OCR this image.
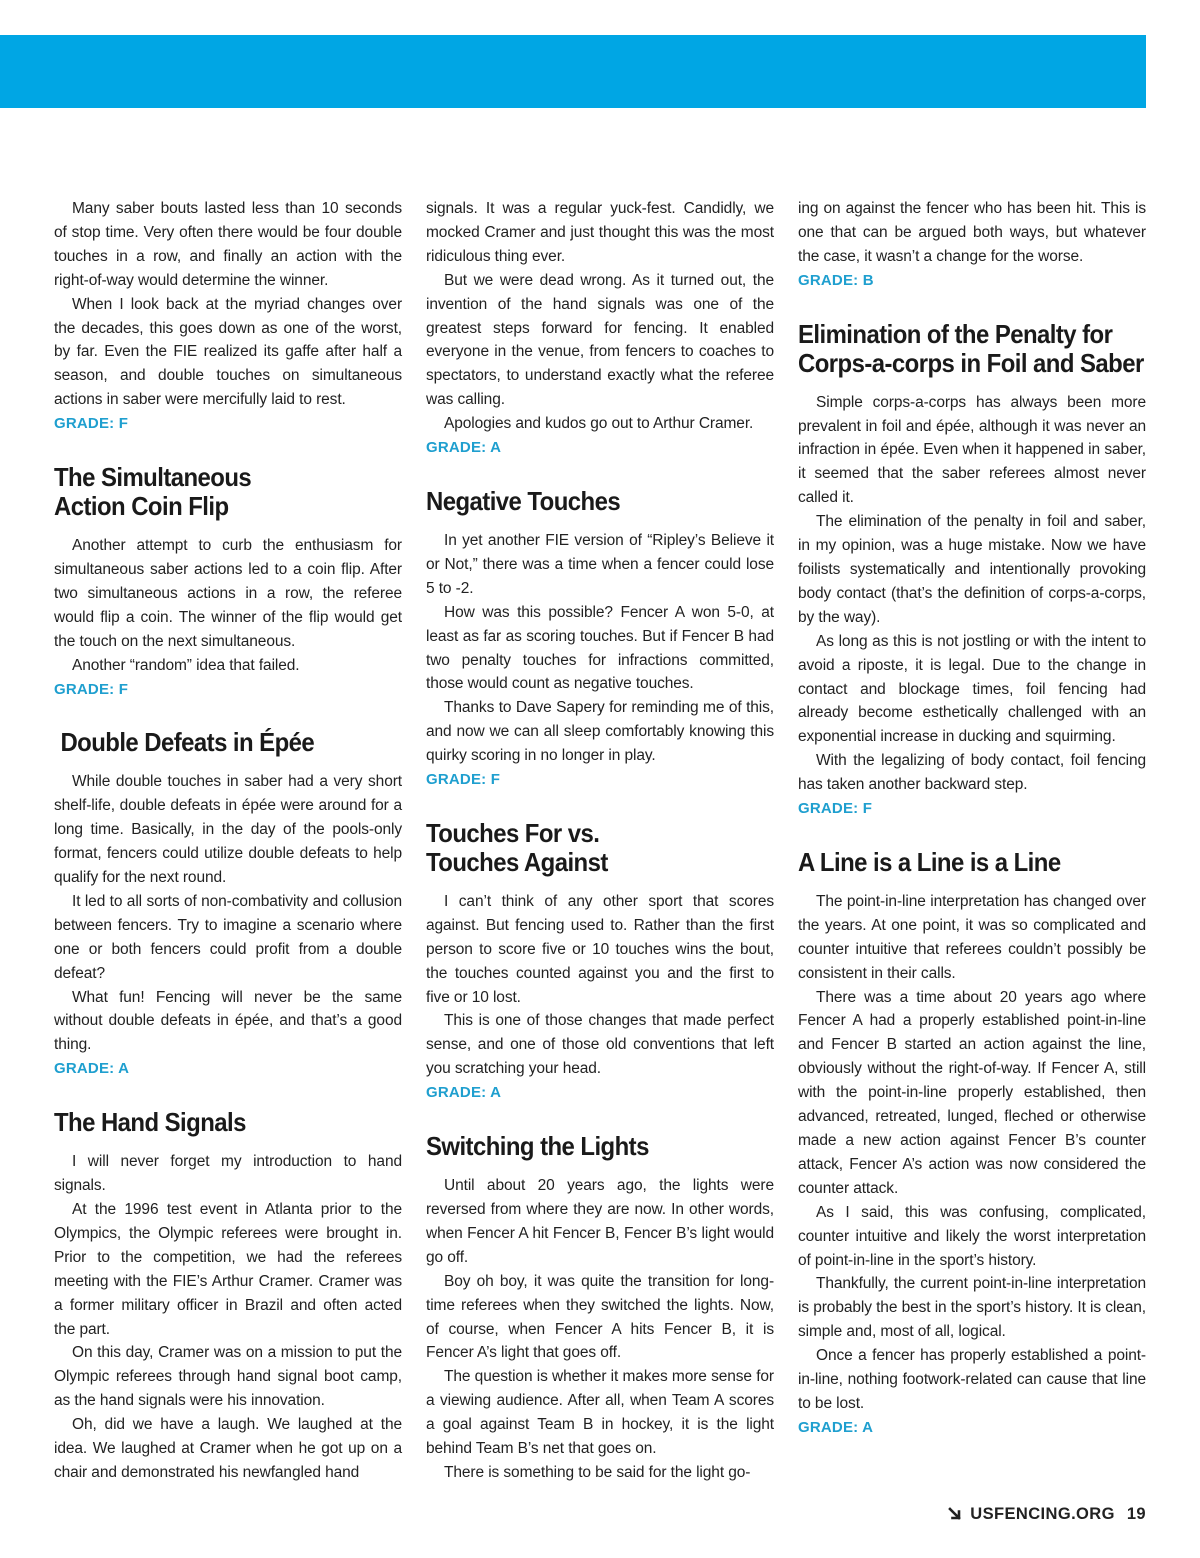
Many saber bouts lasted less than 10 seconds of stop time. Very often there would be four double touches in a row, and finally an action with the right-of-way would determine the winner.

When I look back at the myriad changes over the decades, this goes down as one of the worst, by far. Even the FIE realized its gaffe after half a season, and double touches on simultaneous actions in saber were mercifully laid to rest.

GRADE: F
The Simultaneous
Action Coin Flip

Another attempt to curb the enthusiasm for simultaneous saber actions led to a coin flip. After two simultaneous actions in a row, the referee would flip a coin. The winner of the flip would get the touch on the next simultaneous.

Another “random” idea that failed.

GRADE: F
Double Defeats in Épée

While double touches in saber had a very short shelf-life, double defeats in épée were around for a long time. Basically, in the day of the pools-only format, fencers could utilize double defeats to help qualify for the next round.

It led to all sorts of non-combativity and collusion between fencers. Try to imagine a scenario where one or both fencers could profit from a double defeat?

What fun! Fencing will never be the same without double defeats in épée, and that’s a good thing.

GRADE: A
The Hand Signals

I will never forget my introduction to hand signals.

At the 1996 test event in Atlanta prior to the Olympics, the Olympic referees were brought in. Prior to the competition, we had the referees meeting with the FIE’s Arthur Cramer. Cramer was a former military officer in Brazil and often acted the part.

On this day, Cramer was on a mission to put the Olympic referees through hand signal boot camp, as the hand signals were his innovation.

Oh, did we have a laugh. We laughed at the idea. We laughed at Cramer when he got up on a chair and demonstrated his newfangled hand

signals. It was a regular yuck-fest. Candidly, we mocked Cramer and just thought this was the most ridiculous thing ever.

But we were dead wrong. As it turned out, the invention of the hand signals was one of the greatest steps forward for fencing. It enabled everyone in the venue, from fencers to coaches to spectators, to understand exactly what the referee was calling.

Apologies and kudos go out to Arthur Cramer.

GRADE: A
Negative Touches

In yet another FIE version of “Ripley’s Believe it or Not,” there was a time when a fencer could lose 5 to -2.

How was this possible? Fencer A won 5-0, at least as far as scoring touches. But if Fencer B had two penalty touches for infractions committed, those would count as negative touches.

Thanks to Dave Sapery for reminding me of this, and now we can all sleep comfortably knowing this quirky scoring in no longer in play.

GRADE: F
Touches For vs.
Touches Against

I can’t think of any other sport that scores against. But fencing used to. Rather than the first person to score five or 10 touches wins the bout, the touches counted against you and the first to five or 10 lost.

This is one of those changes that made perfect sense, and one of those old conventions that left you scratching your head.

GRADE: A
Switching the Lights

Until about 20 years ago, the lights were reversed from where they are now. In other words, when Fencer A hit Fencer B, Fencer B’s light would go off.

Boy oh boy, it was quite the transition for long-time referees when they switched the lights. Now, of course, when Fencer A hits Fencer B, it is Fencer A’s light that goes off.

The question is whether it makes more sense for a viewing audience. After all, when Team A scores a goal against Team B in hockey, it is the light behind Team B’s net that goes on.

There is something to be said for the light go-

ing on against the fencer who has been hit. This is one that can be argued both ways, but whatever the case, it wasn’t a change for the worse.

GRADE: B
Elimination of the Penalty for
Corps-a-corps in Foil and Saber

Simple corps-a-corps has always been more prevalent in foil and épée, although it was never an infraction in épée. Even when it happened in saber, it seemed that the saber referees almost never called it.

The elimination of the penalty in foil and saber, in my opinion, was a huge mistake. Now we have foilists systematically and intentionally provoking body contact (that’s the definition of corps-a-corps, by the way).

As long as this is not jostling or with the intent to avoid a riposte, it is legal. Due to the change in contact and blockage times, foil fencing had already become esthetically challenged with an exponential increase in ducking and squirming.

With the legalizing of body contact, foil fencing has taken another backward step.

GRADE: F
A Line is a Line is a Line

The point-in-line interpretation has changed over the years. At one point, it was so complicated and counter intuitive that referees couldn’t possibly be consistent in their calls.

There was a time about 20 years ago where Fencer A had a properly established point-in-line and Fencer B started an action against the line, obviously without the right-of-way. If Fencer A, still with the point-in-line properly established, then advanced, retreated, lunged, fleched or otherwise made a new action against Fencer B’s counter attack, Fencer A’s action was now considered the counter attack.

As I said, this was confusing, complicated, counter intuitive and likely the worst interpretation of point-in-line in the sport’s history.

Thankfully, the current point-in-line interpretation is probably the best in the sport’s history. It is clean, simple and, most of all, logical.

Once a fencer has properly established a point-in-line, nothing footwork-related can cause that line to be lost.

GRADE: A
USFENCING.ORG 19
